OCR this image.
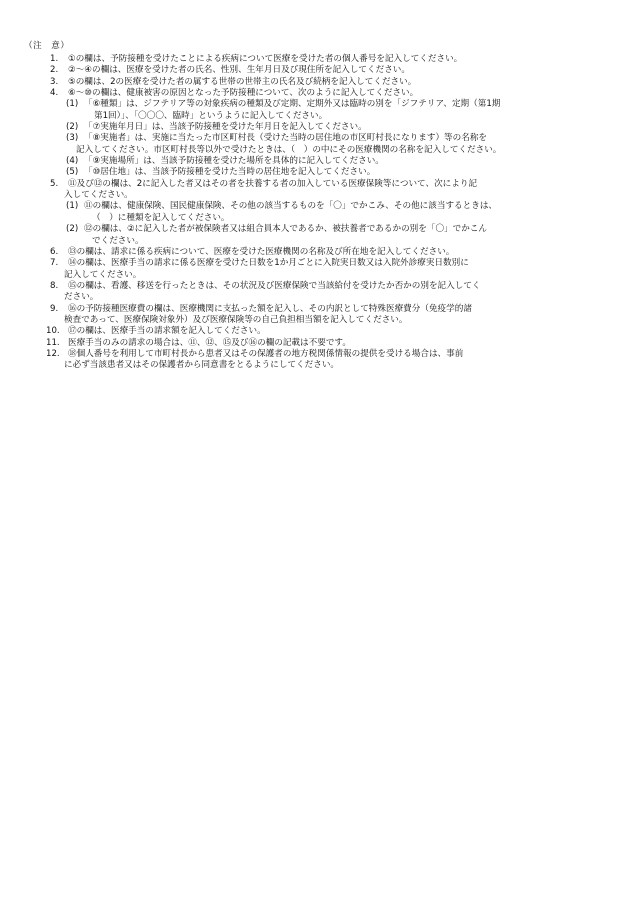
（注　意）
1. ①の欄は、予防接種を受けたことによる疾病について医療を受けた者の個人番号を記入してください。
2. ②～④の欄は、医療を受けた者の氏名、性別、生年月日及び現住所を記入してください。
3. ⑤の欄は、2の医療を受けた者の属する世帯の世帯主の氏名及び続柄を記入してください。
4. ⑥～⑩の欄は、健康被害の原因となった予防接種について、次のように記入してください。
(1) 「⑥種類」は、ジフテリア等の対象疾病の種類及び定期、定期外又は臨時の別を「ジフテリア、定期（第1期
第1回）」、「〇〇〇、臨時」というように記入してください。
(2) 「⑦実施年月日」は、当該予防接種を受けた年月日を記入してください。
(3) 「⑧実施者」は、実施に当たった市区町村長（受けた当時の居住地の市区町村長になります）等の名称を
記入してください。市区町村長等以外で受けたときは、（　）の中にその医療機関の名称を記入してください。
(4) 「⑨実施場所」は、当該予防接種を受けた場所を具体的に記入してください。
(5) 「⑩居住地」は、当該予防接種を受けた当時の居住地を記入してください。
5. ⑪及び⑫の欄は、2に記入した者又はその者を扶養する者の加入している医療保険等について、次により記
入してください。
(1) ⑪の欄は、健康保険、国民健康保険、その他の該当するものを「〇」でかこみ、その他に該当するときは、
（　）に種類を記入してください。
(2) ⑫の欄は、②に記入した者が被保険者又は組合員本人であるか、被扶養者であるかの別を「〇」でかこん
でください。
6. ⑬の欄は、請求に係る疾病について、医療を受けた医療機関の名称及び所在地を記入してください。
7. ⑭の欄は、医療手当の請求に係る医療を受けた日数を1か月ごとに入院実日数又は入院外診療実日数別に
記入してください。
8. ⑮の欄は、看護、移送を行ったときは、その状況及び医療保険で当該給付を受けたか否かの別を記入してく
ださい。
9. ⑯の予防接種医療費の欄は、医療機関に支払った額を記入し、その内訳として特殊医療費分（免疫学的諸
検査であって、医療保険対象外）及び医療保険等の自己負担相当額を記入してください。
10. ⑰の欄は、医療手当の請求額を記入してください。
11. 医療手当のみの請求の場合は、⑪、⑫、⑮及び⑯の欄の記載は不要です。
12. ⑱個人番号を利用して市町村長から患者又はその保護者の地方税関係情報の提供を受ける場合は、事前
に必ず当該患者又はその保護者から同意書をとるようにしてください。
